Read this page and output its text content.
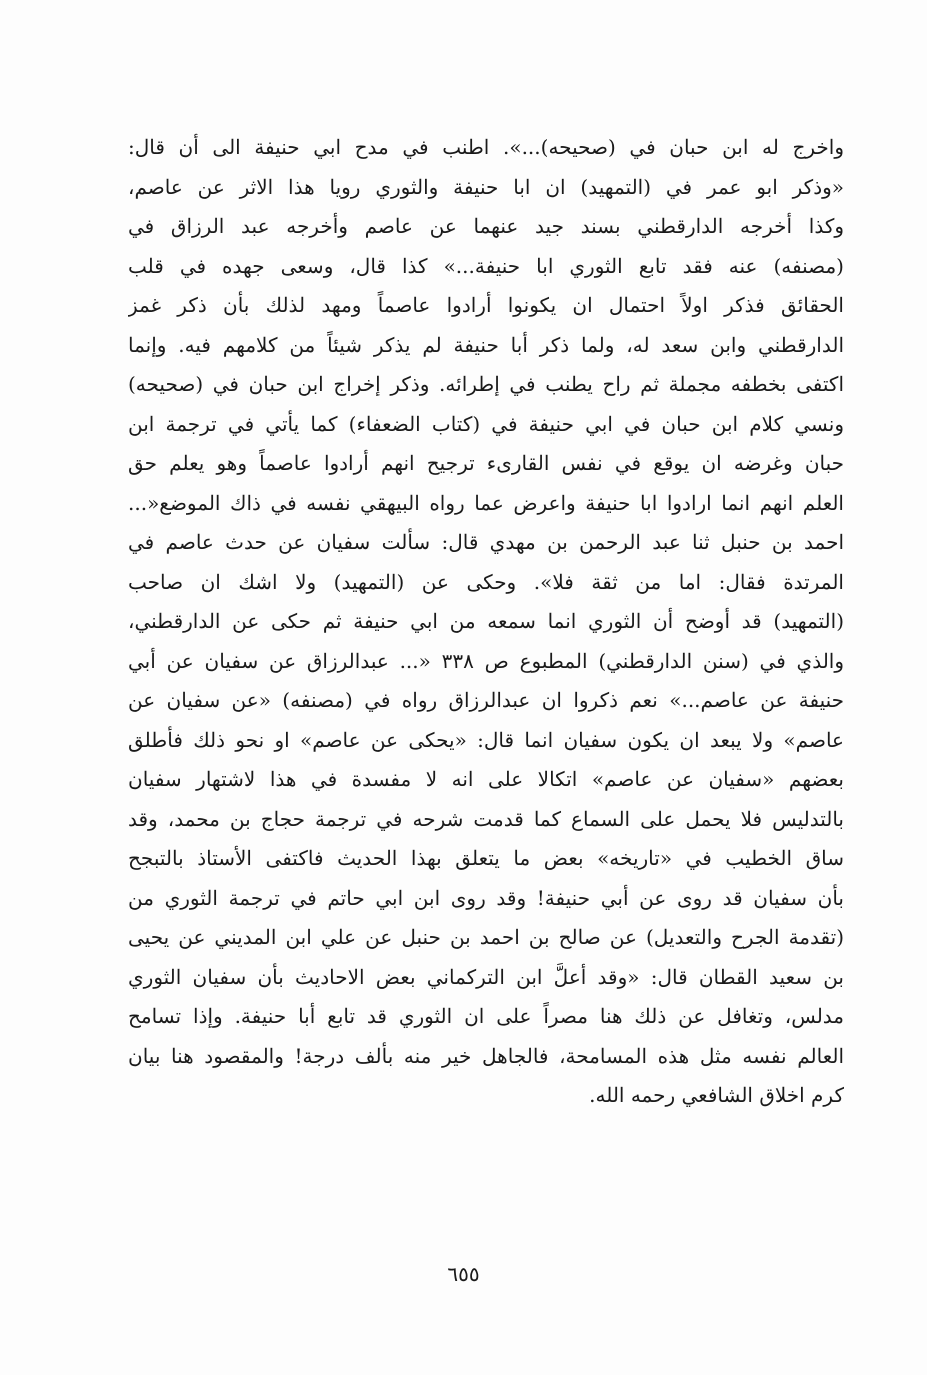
واخرج له ابن حبان في (صحيحه)...». اطنب في مدح ابي حنيفة الى أن قال:
«وذكر ابو عمر في (التمهيد) ان ابا حنيفة والثوري رويا هذا الاثر عن عاصم،
وكذا أخرجه الدارقطني بسند جيد عنهما عن عاصم وأخرجه عبد الرزاق في
(مصنفه) عنه فقد تابع الثوري ابا حنيفة...» كذا قال، وسعى جهده في قلب
الحقائق فذكر اولاً احتمال ان يكونوا أرادوا عاصماً ومهد لذلك بأن ذكر غمز
الدارقطني وابن سعد له، ولما ذكر أبا حنيفة لم يذكر شيئاً من كلامهم فيه. وإنما
اكتفى بخطفه مجملة ثم راح يطنب في إطرائه. وذكر إخراج ابن حبان في (صحيحه)
ونسي كلام ابن حبان في ابي حنيفة في (كتاب الضعفاء) كما يأتي في ترجمة ابن
حبان وغرضه ان يوقع في نفس القارىء ترجيح انهم أرادوا عاصماً وهو يعلم حق
العلم انهم انما ارادوا ابا حنيفة واعرض عما رواه البيهقي نفسه في ذاك الموضع«...
احمد بن حنبل ثنا عبد الرحمن بن مهدي قال: سألت سفيان عن حدث عاصم في
المرتدة فقال: اما من ثقة فلا». وحكى عن (التمهيد) ولا اشك ان صاحب
(التمهيد) قد أوضح أن الثوري انما سمعه من ابي حنيفة ثم حكى عن الدارقطني،
والذي في (سنن الدارقطني) المطبوع ص ٣٣٨ «... عبدالرزاق عن سفيان عن أبي
حنيفة عن عاصم...» نعم ذكروا ان عبدالرزاق رواه في (مصنفه) «عن سفيان عن
عاصم» ولا يبعد ان يكون سفيان انما قال: «يحكى عن عاصم» او نحو ذلك فأطلق
بعضهم «سفيان عن عاصم» اتكالا على انه لا مفسدة في هذا لاشتهار سفيان
بالتدليس فلا يحمل على السماع كما قدمت شرحه في ترجمة حجاج بن محمد، وقد
ساق الخطيب في «تاريخه» بعض ما يتعلق بهذا الحديث فاكتفى الأستاذ بالتبجح
بأن سفيان قد روى عن أبي حنيفة! وقد روى ابن ابي حاتم في ترجمة الثوري من
(تقدمة الجرح والتعديل) عن صالح بن احمد بن حنبل عن علي ابن المديني عن يحيى
بن سعيد القطان قال: «وقد أعلَّ ابن التركماني بعض الاحاديث بأن سفيان الثوري
مدلس، وتغافل عن ذلك هنا مصراً على ان الثوري قد تابع أبا حنيفة. وإذا تسامح
العالم نفسه مثل هذه المسامحة، فالجاهل خير منه بألف درجة! والمقصود هنا بيان
كرم اخلاق الشافعي رحمه الله.
٦٥٥
